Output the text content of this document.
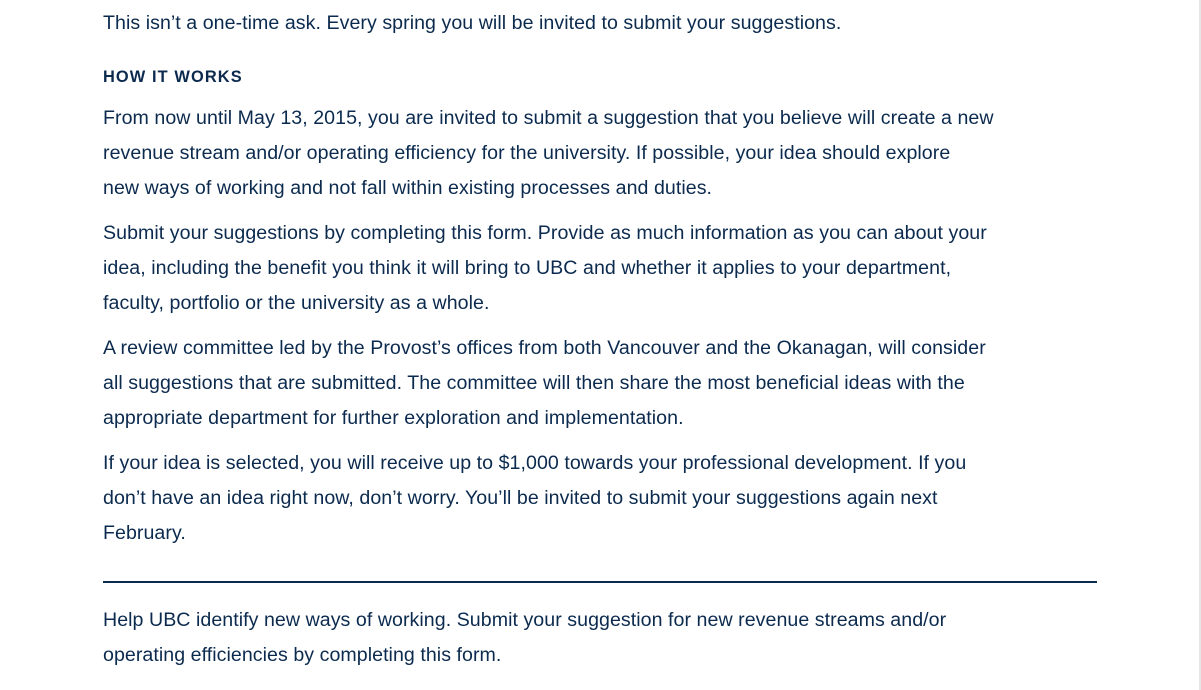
This isn’t a one-time ask. Every spring you will be invited to submit your suggestions.

HOW IT WORKS

From now until May 13, 2015, you are invited to submit a suggestion that you believe will create a new
revenue stream and/or operating efficiency for the university. If possible, your idea should explore
new ways of working and not fall within existing processes and duties.

Submit your suggestions by completing this form. Provide as much information as you can about your
idea, including the benefit you think it will bring to UBC and whether it applies to your department,
faculty, portfolio or the university as a whole.

A review committee led by the Provost’s offices from both Vancouver and the Okanagan, will consider
all suggestions that are submitted. The committee will then share the most beneficial ideas with the
appropriate department for further exploration and implementation.

If your idea is selected, you will receive up to $1,000 towards your professional development. If you
don’t have an idea right now, don’t worry. You’ll be invited to submit your suggestions again next
February.

Help UBC identify new ways of working. Submit your suggestion for new revenue streams and/or
operating efficiencies by completing this form.
